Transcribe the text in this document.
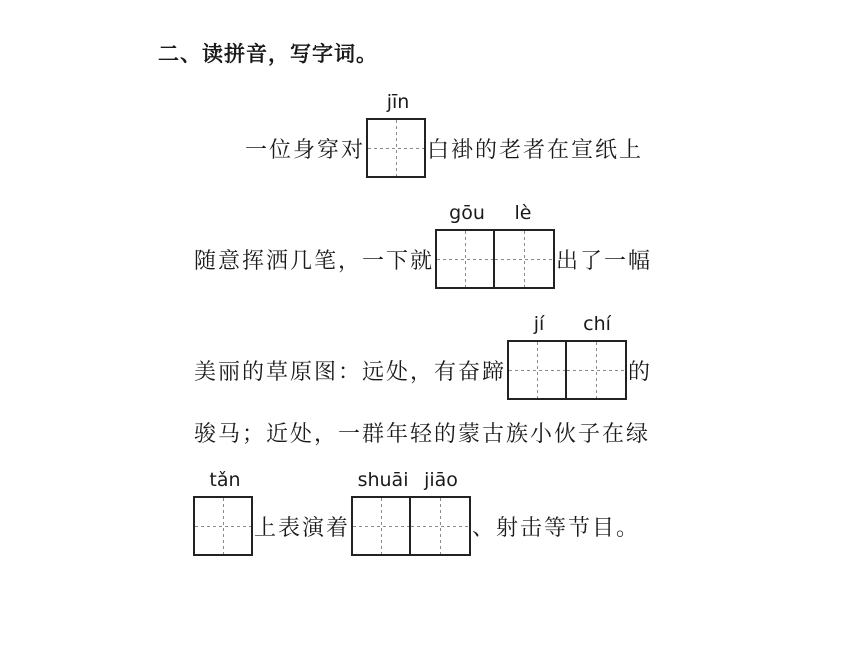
二、读拼音，写字词。
一位身穿对
jīn
白褂的老者在宣纸上
随意挥洒几笔，一下就
gōu	lè
出了一幅
美丽的草原图：远处，有奋蹄
jí	chí
的
骏马；近处，一群年轻的蒙古族小伙子在绿
tǎn
上表演着
shuāi jiāo
、射击等节目。
